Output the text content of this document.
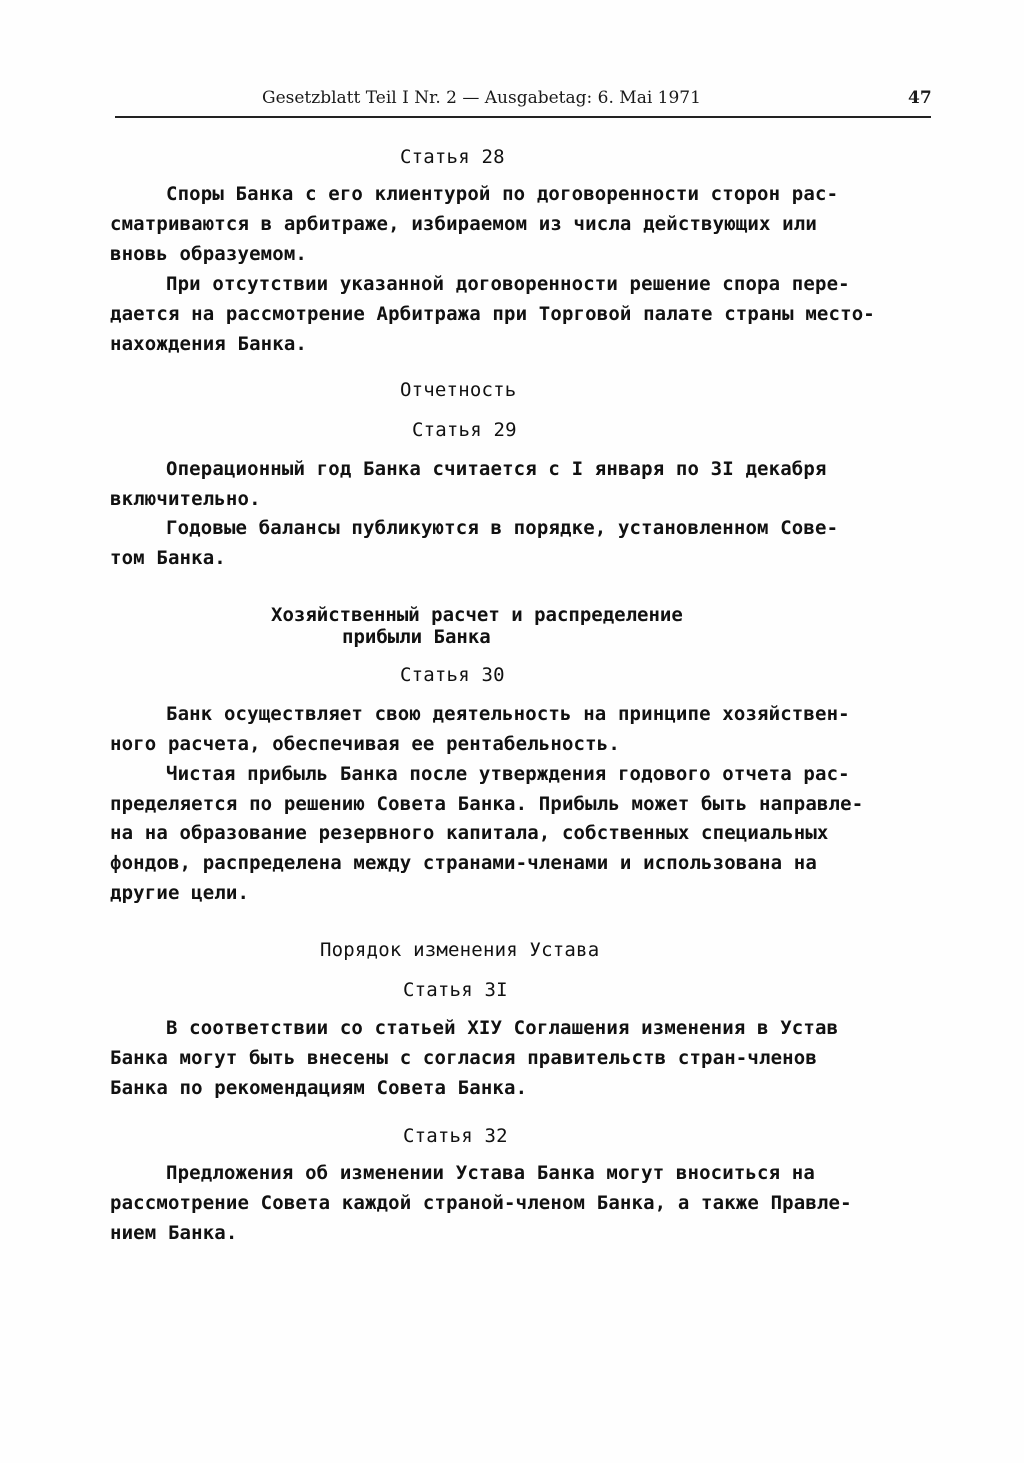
Gesetzblatt Teil I Nr. 2 — Ausgabetag: 6. Mai 1971	47
Статья 28
Споры Банка с его клиентурой по договоренности сторон рас-
сматриваются в арбитраже, избираемом из числа действующих или
вновь образуемом.
При отсутствии указанной договоренности решение спора пере-
дается на рассмотрение Арбитража при Торговой палате страны место-
нахождения Банка.
Отчетность
Статья 29
Операционный год Банка считается с I января по 3I декабря
включительно.
Годовые балансы публикуются в порядке, установленном Сове-
том Банка.
Хозяйственный расчет и распределение
прибыли Банка
Статья 30
Банк осуществляет свою деятельность на принципе хозяйствен-
ного расчета, обеспечивая ее рентабельность.
Чистая прибыль Банка после утверждения годового отчета рас-
пределяется по решению Совета Банка. Прибыль может быть направле-
на на образование резервного капитала, собственных специальных
фондов, распределена между странами-членами и использована на
другие цели.
Порядок изменения Устава
Статья 3I
В соответствии со статьей XIУ Соглашения изменения в Устав
Банка могут быть внесены с согласия правительств стран-членов
Банка по рекомендациям Совета Банка.
Статья 32
Предложения об изменении Устава Банка могут вноситься на
рассмотрение Совета каждой страной-членом Банка, а также Правле-
нием Банка.
